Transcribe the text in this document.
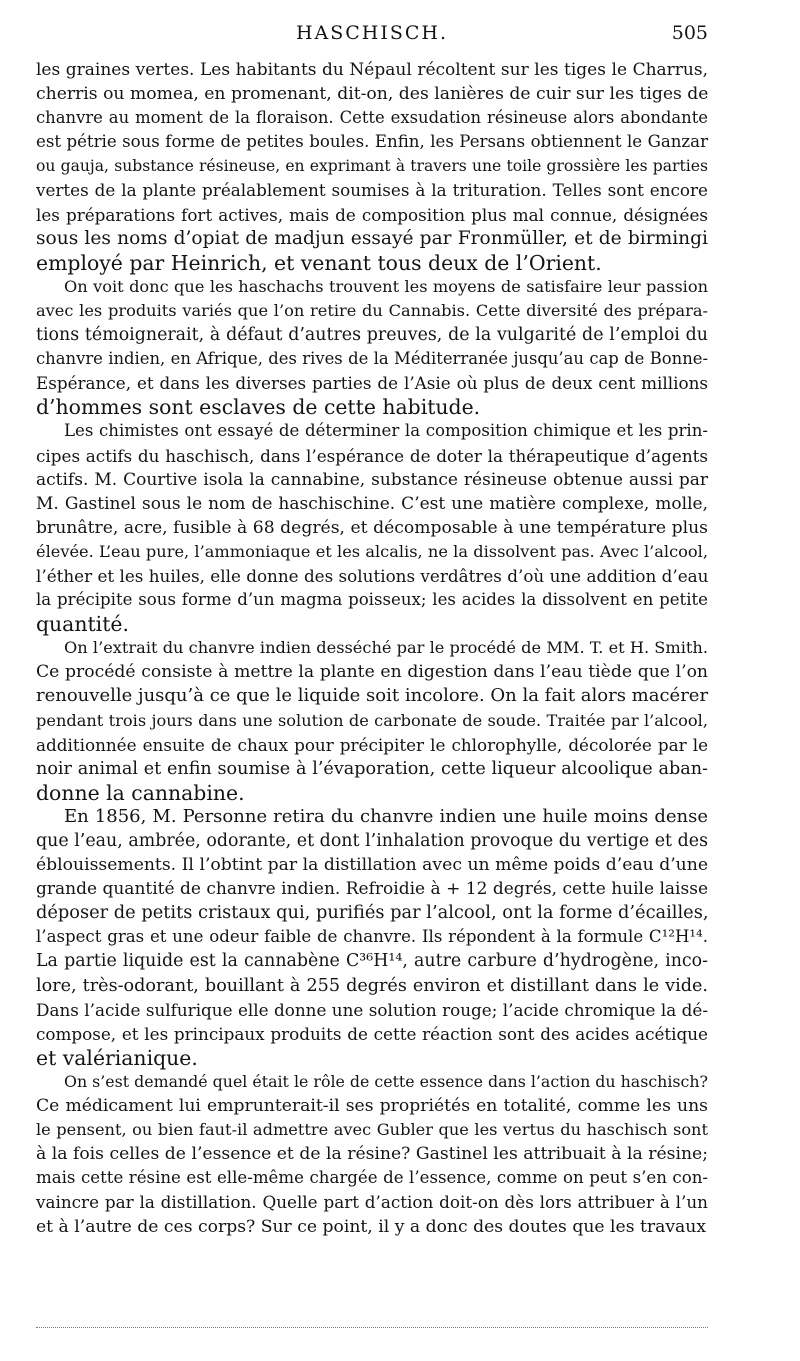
HASCHISCH.	505
les graines vertes. Les habitants du Népaul récoltent sur les tiges le Charrus,
cherris ou momea, en promenant, dit-on, des lanières de cuir sur les tiges de
chanvre au moment de la floraison. Cette exsudation résineuse alors abondante
est pétrie sous forme de petites boules. Enfin, les Persans obtiennent le Ganzar
ou gauja, substance résineuse, en exprimant à travers une toile grossière les parties
vertes de la plante préalablement soumises à la trituration. Telles sont encore
les préparations fort actives, mais de composition plus mal connue, désignées
sous les noms d’opiat de madjun essayé par Fronmüller, et de birmingi
employé par Heinrich, et venant tous deux de l’Orient.
On voit donc que les haschachs trouvent les moyens de satisfaire leur passion
avec les produits variés que l’on retire du Cannabis. Cette diversité des prépara-
tions témoignerait, à défaut d’autres preuves, de la vulgarité de l’emploi du
chanvre indien, en Afrique, des rives de la Méditerranée jusqu’au cap de Bonne-
Espérance, et dans les diverses parties de l’Asie où plus de deux cent millions
d’hommes sont esclaves de cette habitude.
Les chimistes ont essayé de déterminer la composition chimique et les prin-
cipes actifs du haschisch, dans l’espérance de doter la thérapeutique d’agents
actifs. M. Courtive isola la cannabine, substance résineuse obtenue aussi par
M. Gastinel sous le nom de haschischine. C’est une matière complexe, molle,
brunâtre, acre, fusible à 68 degrés, et décomposable à une température plus
élevée. L’eau pure, l’ammoniaque et les alcalis, ne la dissolvent pas. Avec l’alcool,
l’éther et les huiles, elle donne des solutions verdâtres d’où une addition d’eau
la précipite sous forme d’un magma poisseux; les acides la dissolvent en petite
quantité.
On l’extrait du chanvre indien desséché par le procédé de MM. T. et H. Smith.
Ce procédé consiste à mettre la plante en digestion dans l’eau tiède que l’on
renouvelle jusqu’à ce que le liquide soit incolore. On la fait alors macérer
pendant trois jours dans une solution de carbonate de soude. Traitée par l’alcool,
additionnée ensuite de chaux pour précipiter le chlorophylle, décolorée par le
noir animal et enfin soumise à l’évaporation, cette liqueur alcoolique aban-
donne la cannabine.
En 1856, M. Personne retira du chanvre indien une huile moins dense
que l’eau, ambrée, odorante, et dont l’inhalation provoque du vertige et des
éblouissements. Il l’obtint par la distillation avec un même poids d’eau d’une
grande quantité de chanvre indien. Refroidie à + 12 degrés, cette huile laisse
déposer de petits cristaux qui, purifiés par l’alcool, ont la forme d’écailles,
l’aspect gras et une odeur faible de chanvre. Ils répondent à la formule C¹²H¹⁴.
La partie liquide est la cannabène C³⁶H¹⁴, autre carbure d’hydrogène, inco-
lore, très-odorant, bouillant à 255 degrés environ et distillant dans le vide.
Dans l’acide sulfurique elle donne une solution rouge; l’acide chromique la dé-
compose, et les principaux produits de cette réaction sont des acides acétique
et valérianique.
On s’est demandé quel était le rôle de cette essence dans l’action du haschisch?
Ce médicament lui emprunterait-il ses propriétés en totalité, comme les uns
le pensent, ou bien faut-il admettre avec Gubler que les vertus du haschisch sont
à la fois celles de l’essence et de la résine? Gastinel les attribuait à la résine;
mais cette résine est elle-même chargée de l’essence, comme on peut s’en con-
vaincre par la distillation. Quelle part d’action doit-on dès lors attribuer à l’un
et à l’autre de ces corps? Sur ce point, il y a donc des doutes que les travaux
